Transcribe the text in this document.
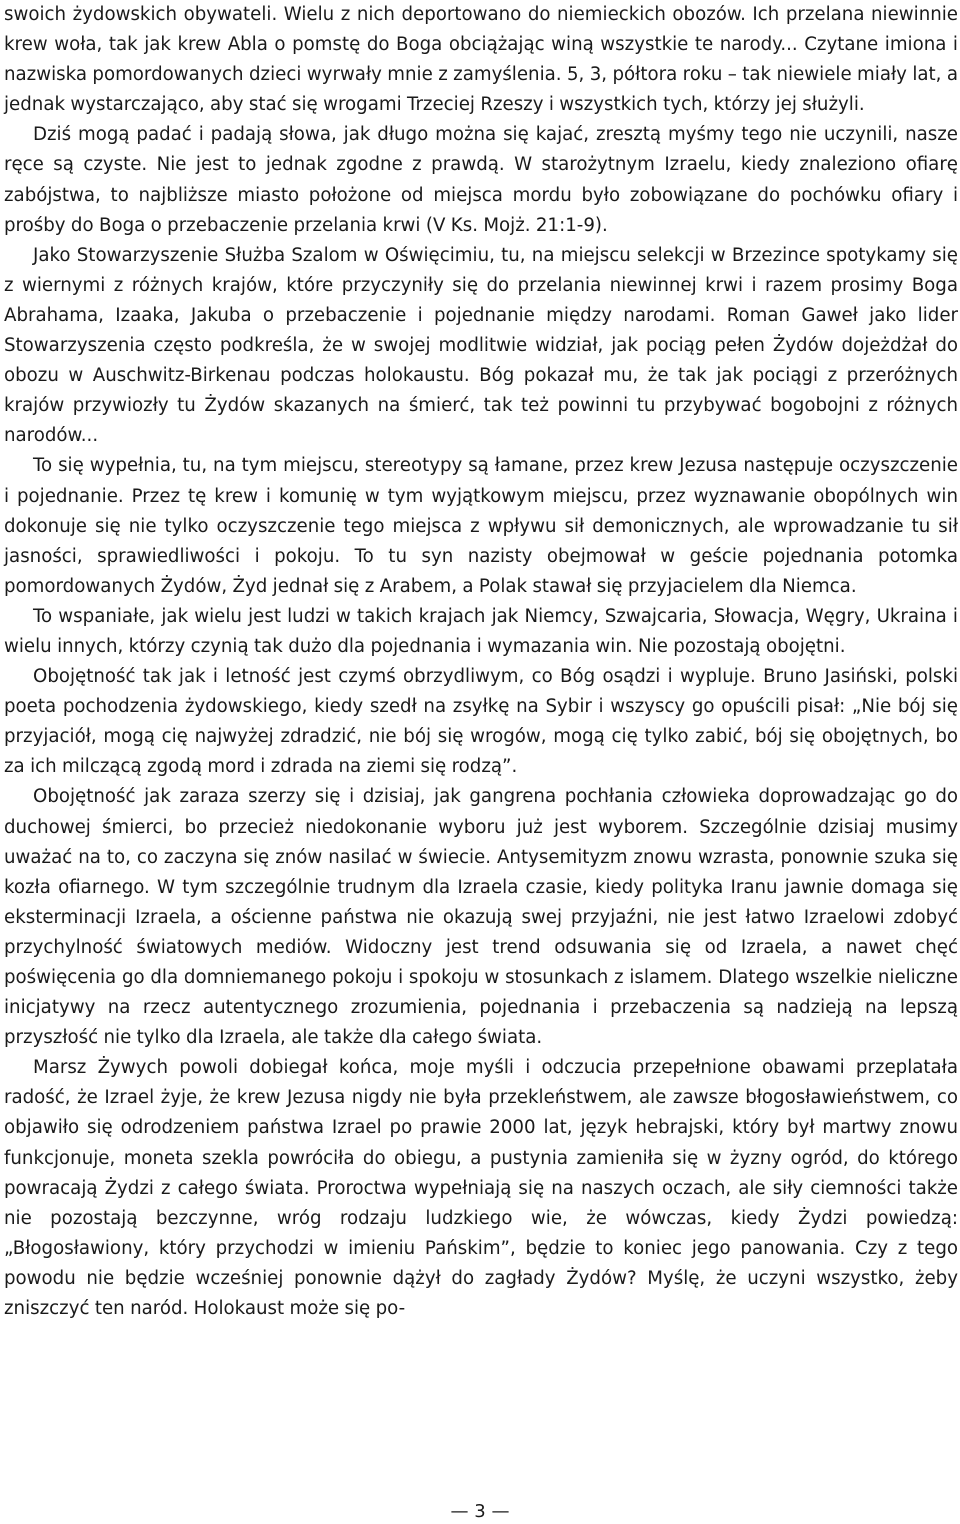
swoich żydowskich obywateli. Wielu z nich deportowano do niemieckich obozów. Ich przelana niewinnie krew woła, tak jak krew Abla o pomstę do Boga obciążając winą wszystkie te narody... Czytane imiona i nazwiska pomordowanych dzieci wyrwały mnie z zamyślenia. 5, 3, półtora roku – tak niewiele miały lat, a jednak wystarczająco, aby stać się wrogami Trzeciej Rzeszy i wszystkich tych, którzy jej służyli.

Dziś mogą padać i padają słowa, jak długo można się kajać, zresztą myśmy tego nie uczynili, nasze ręce są czyste. Nie jest to jednak zgodne z prawdą. W starożytnym Izraelu, kiedy znaleziono ofiarę zabójstwa, to najbliższe miasto położone od miejsca mordu było zobowiązane do pochówku ofiary i prośby do Boga o przebaczenie przelania krwi (V Ks. Mojż. 21:1-9).

Jako Stowarzyszenie Służba Szalom w Oświęcimiu, tu, na miejscu selekcji w Brzezince spotykamy się z wiernymi z różnych krajów, które przyczyniły się do przelania niewinnej krwi i razem prosimy Boga Abrahama, Izaaka, Jakuba o przebaczenie i pojednanie między narodami. Roman Gaweł jako lider Stowarzyszenia często podkreśla, że w swojej modlitwie widział, jak pociąg pełen Żydów dojeżdżał do obozu w Auschwitz-Birkenau podczas holokaustu. Bóg pokazał mu, że tak jak pociągi z przeróżnych krajów przywiozły tu Żydów skazanych na śmierć, tak też powinni tu przybywać bogobojni z różnych narodów...

To się wypełnia, tu, na tym miejscu, stereotypy są łamane, przez krew Jezusa następuje oczyszczenie i pojednanie. Przez tę krew i komunię w tym wyjątkowym miejscu, przez wyznawanie obopólnych win dokonuje się nie tylko oczyszczenie tego miejsca z wpływu sił demonicznych, ale wprowadzanie tu sił jasności, sprawiedliwości i pokoju. To tu syn nazisty obejmował w geście pojednania potomka pomordowanych Żydów, Żyd jednał się z Arabem, a Polak stawał się przyjacielem dla Niemca.

To wspaniałe, jak wielu jest ludzi w takich krajach jak Niemcy, Szwajcaria, Słowacja, Węgry, Ukraina i wielu innych, którzy czynią tak dużo dla pojednania i wymazania win. Nie pozostają obojętni.

Obojętność tak jak i letność jest czymś obrzydliwym, co Bóg osądzi i wypluje. Bruno Jasiński, polski poeta pochodzenia żydowskiego, kiedy szedł na zsyłkę na Sybir i wszyscy go opuścili pisał: „Nie bój się przyjaciół, mogą cię najwyżej zdradzić, nie bój się wrogów, mogą cię tylko zabić, bój się obojętnych, bo za ich milczącą zgodą mord i zdrada na ziemi się rodzą”.

Obojętność jak zaraza szerzy się i dzisiaj, jak gangrena pochłania człowieka doprowadzając go do duchowej śmierci, bo przecież niedokonanie wyboru już jest wyborem. Szczególnie dzisiaj musimy uważać na to, co zaczyna się znów nasilać w świecie. Antysemityzm znowu wzrasta, ponownie szuka się kozła ofiarnego. W tym szczególnie trudnym dla Izraela czasie, kiedy polityka Iranu jawnie domaga się eksterminacji Izraela, a ościenne państwa nie okazują swej przyjaźni, nie jest łatwo Izraelowi zdobyć przychylność światowych mediów. Widoczny jest trend odsuwania się od Izraela, a nawet chęć poświęcenia go dla domniemanego pokoju i spokoju w stosunkach z islamem. Dlatego wszelkie nieliczne inicjatywy na rzecz autentycznego zrozumienia, pojednania i przebaczenia są nadzieją na lepszą przyszłość nie tylko dla Izraela, ale także dla całego świata.

Marsz Żywych powoli dobiegał końca, moje myśli i odczucia przepełnione obawami przeplatała radość, że Izrael żyje, że krew Jezusa nigdy nie była przekleństwem, ale zawsze błogosławieństwem, co objawiło się odrodzeniem państwa Izrael po prawie 2000 lat, język hebrajski, który był martwy znowu funkcjonuje, moneta szekla powróciła do obiegu, a pustynia zamieniła się w żyzny ogród, do którego powracają Żydzi z całego świata. Proroctwa wypełniają się na naszych oczach, ale siły ciemności także nie pozostają bezczynne, wróg rodzaju ludzkiego wie, że wówczas, kiedy Żydzi powiedzą: „Błogosławiony, który przychodzi w imieniu Pańskim”, będzie to koniec jego panowania. Czy z tego powodu nie będzie wcześniej ponownie dążył do zagłady Żydów? Myślę, że uczyni wszystko, żeby zniszczyć ten naród. Holokaust może się po-

— 3 —
